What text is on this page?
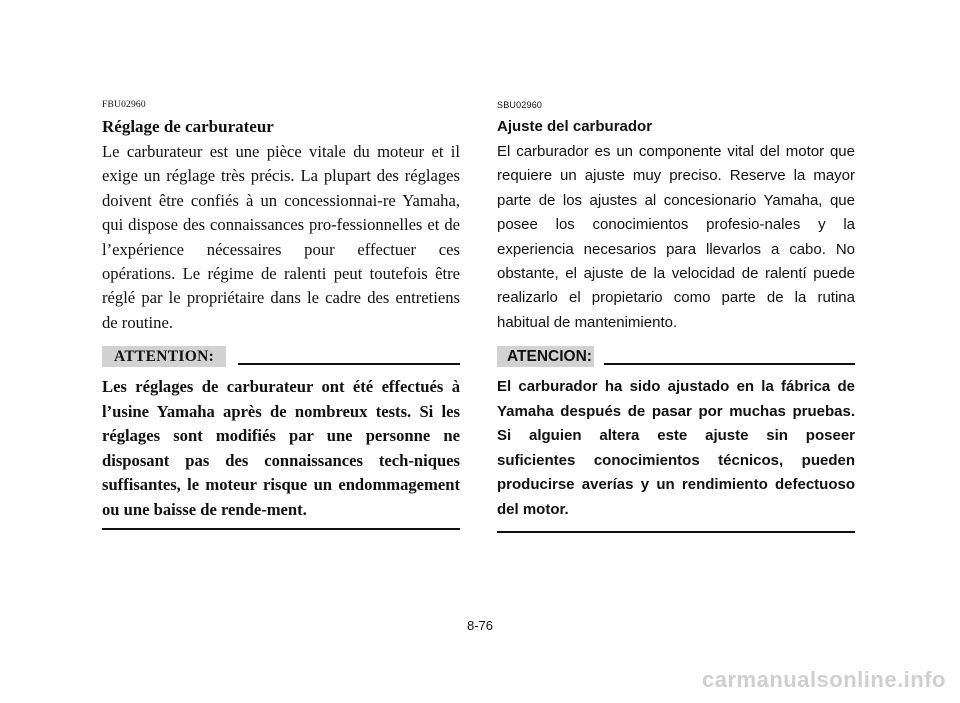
FBU02960
Réglage de carburateur

Le carburateur est une pièce vitale du moteur et il exige un réglage très précis. La plupart des réglages doivent être confiés à un concessionnai-re Yamaha, qui dispose des connaissances pro-fessionnelles et de l’expérience nécessaires pour effectuer ces opérations. Le régime de ralenti peut toutefois être réglé par le propriétaire dans le cadre des entretiens de routine.

ATTENTION:

Les réglages de carburateur ont été effectués à l’usine Yamaha après de nombreux tests. Si les réglages sont modifiés par une personne ne disposant pas des connaissances tech-niques suffisantes, le moteur risque un endommagement ou une baisse de rende-ment.

SBU02960
Ajuste del carburador

El carburador es un componente vital del motor que requiere un ajuste muy preciso. Reserve la mayor parte de los ajustes al concesionario Yamaha, que posee los conocimientos profesio-nales y la experiencia necesarios para llevarlos a cabo. No obstante, el ajuste de la velocidad de ralentí puede realizarlo el propietario como parte de la rutina habitual de mantenimiento.

ATENCION:

El carburador ha sido ajustado en la fábrica de Yamaha después de pasar por muchas pruebas. Si alguien altera este ajuste sin poseer suficientes conocimientos técnicos, pueden producirse averías y un rendimiento defectuoso del motor.

8-76
carmanualsonline.info
